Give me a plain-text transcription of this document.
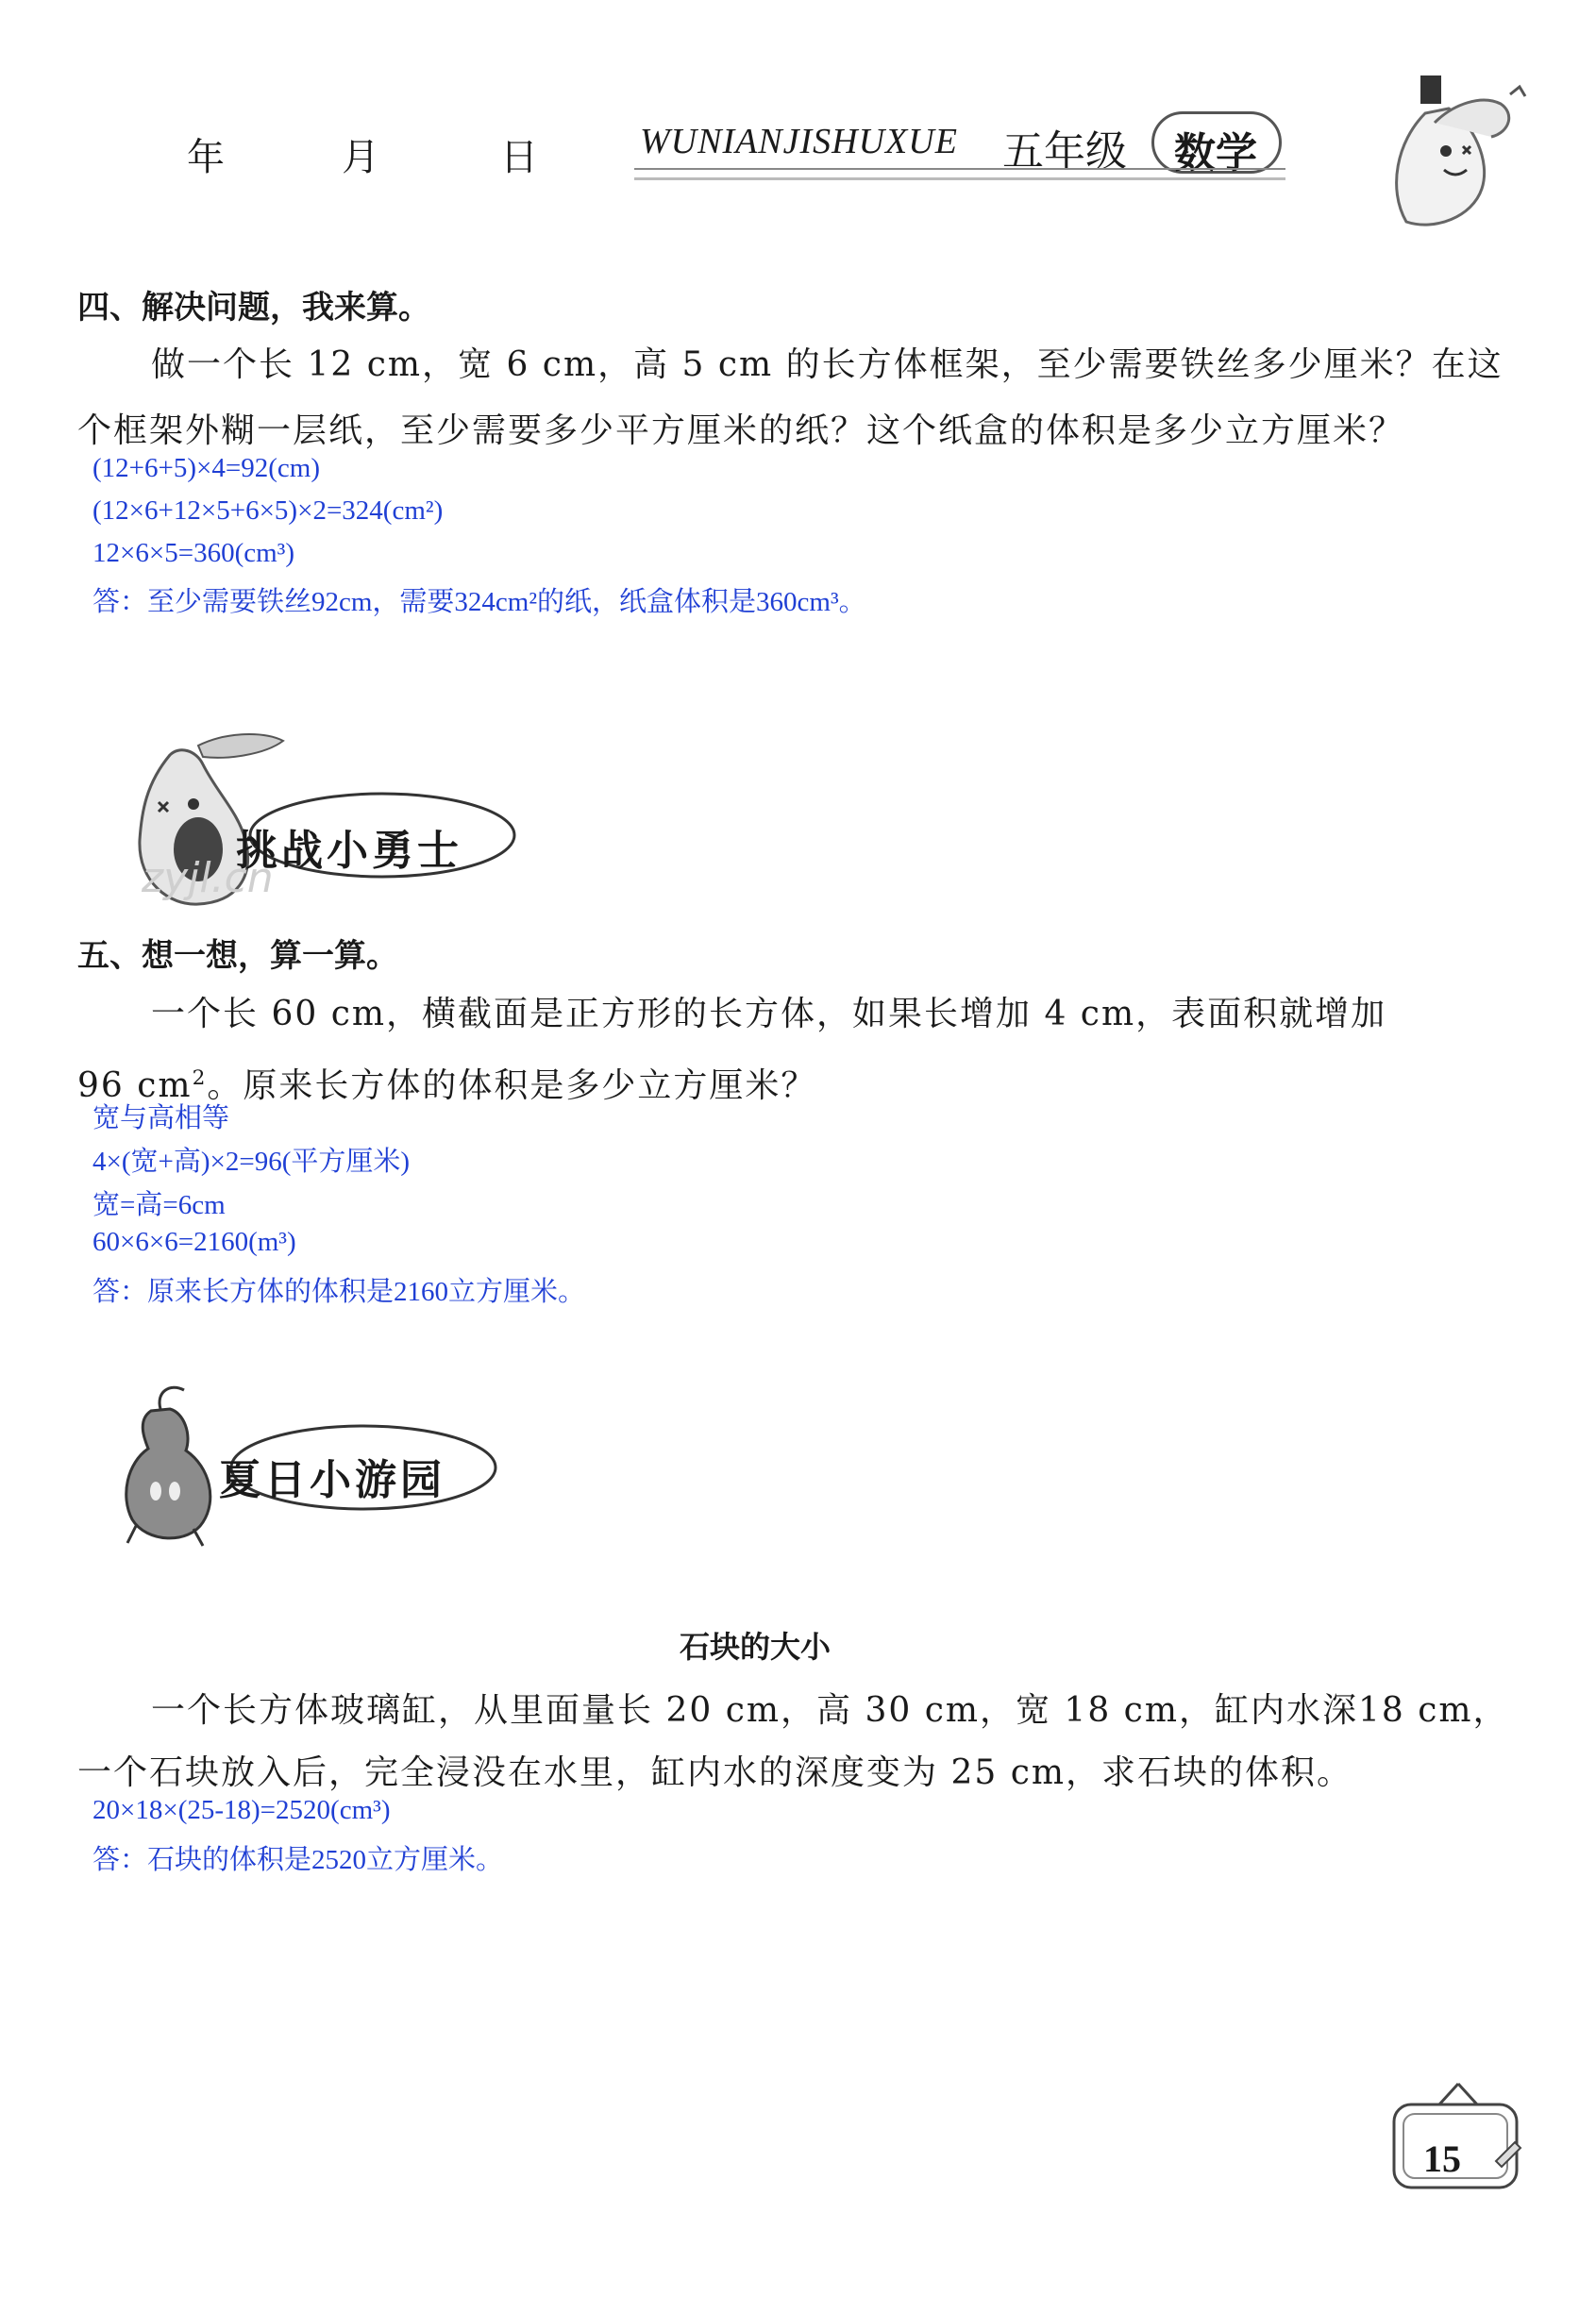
年	月	日	WUNIANJISHUXUE 五年级 数学
四、解决问题，我来算。
做一个长 12 cm，宽 6 cm，高 5 cm 的长方体框架，至少需要铁丝多少厘米？在这
个框架外糊一层纸，至少需要多少平方厘米的纸？这个纸盒的体积是多少立方厘米？
(12+6+5)×4=92(cm)
(12×6+12×5+6×5)×2=324(cm²)
12×6×5=360(cm³)
答：至少需要铁丝92cm，需要324cm²的纸，纸盒体积是360cm³。
挑战小勇士
zyjl.cn
五、想一想，算一算。
一个长 60 cm，横截面是正方形的长方体，如果长增加 4 cm，表面积就增加
96 $cm^2$。原来长方体的体积是多少立方厘米？
宽与高相等
4×(宽+高)×2=96(平方厘米)
宽=高=6cm
60×6×6=2160(m³)
答：原来长方体的体积是2160立方厘米。
夏日小游园
石块的大小
一个长方体玻璃缸，从里面量长 20 cm，高 30 cm，宽 18 cm，缸内水深18 cm，
一个石块放入后，完全浸没在水里，缸内水的深度变为 25 cm，求石块的体积。
20×18×(25-18)=2520(cm³)
答：石块的体积是2520立方厘米。
15
